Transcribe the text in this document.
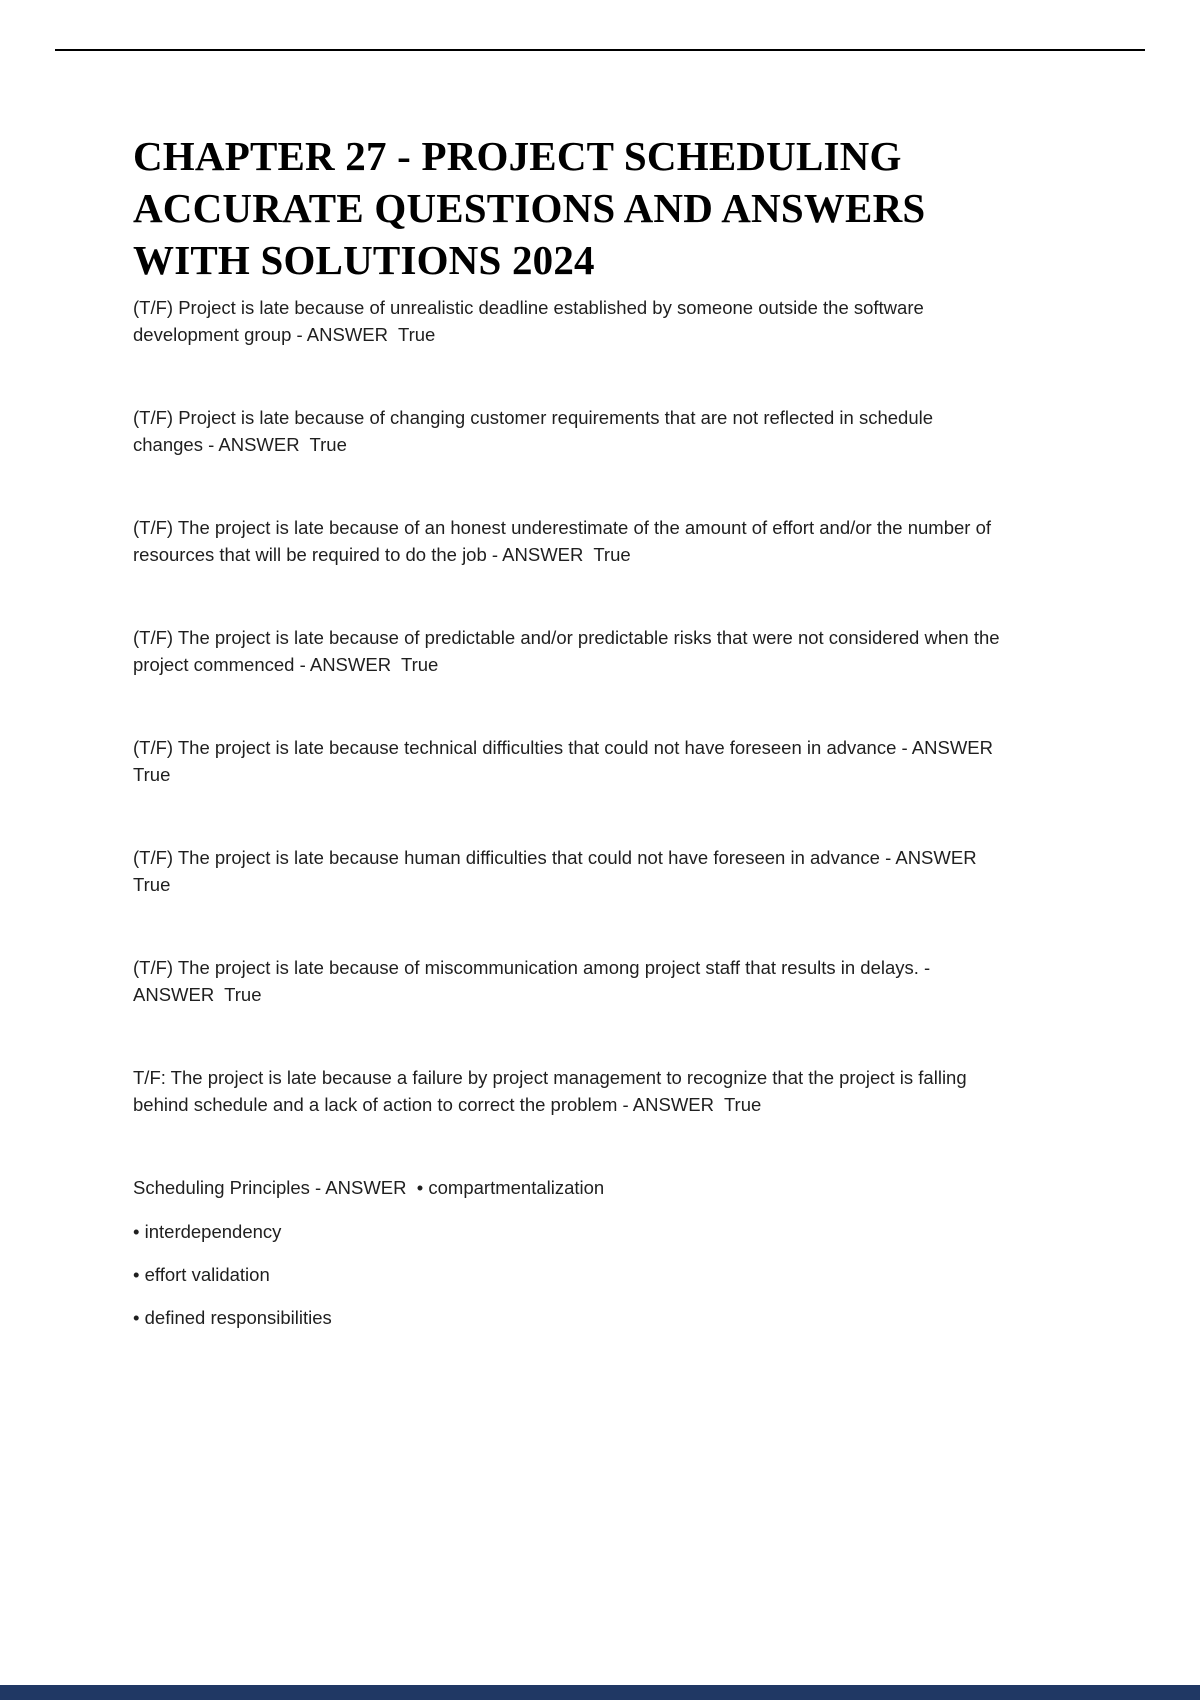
CHAPTER 27 - PROJECT SCHEDULING
ACCURATE QUESTIONS AND ANSWERS
WITH SOLUTIONS 2024

(T/F) Project is late because of unrealistic deadline established by someone outside the software development group - ANSWER  True

(T/F) Project is late because of changing customer requirements that are not reflected in schedule changes - ANSWER  True

(T/F) The project is late because of an honest underestimate of the amount of effort and/or the number of resources that will be required to do the job - ANSWER  True

(T/F) The project is late because of predictable and/or predictable risks that were not considered when the project commenced - ANSWER  True

(T/F) The project is late because technical difficulties that could not have foreseen in advance - ANSWER True

(T/F) The project is late because human difficulties that could not have foreseen in advance - ANSWER True

(T/F) The project is late because of miscommunication among project staff that results in delays. - ANSWER  True

T/F: The project is late because a failure by project management to recognize that the project is falling behind schedule and a lack of action to correct the problem - ANSWER  True

Scheduling Principles - ANSWER  • compartmentalization

• interdependency

• effort validation

• defined responsibilities
